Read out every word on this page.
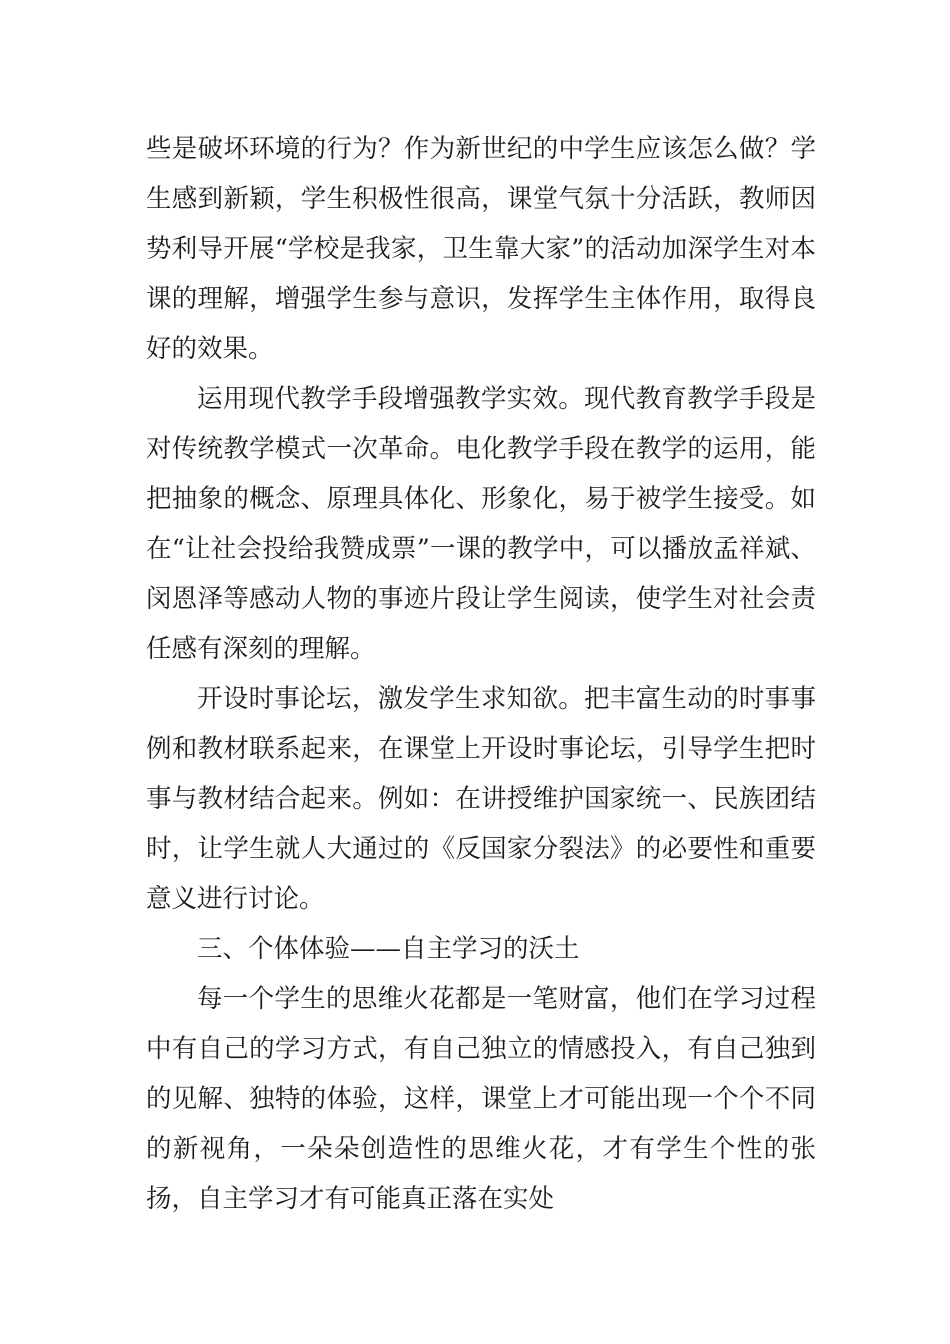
些是破坏环境的行为？作为新世纪的中学生应该怎么做？学生感到新颖，学生积极性很高，课堂气氛十分活跃，教师因势利导开展“学校是我家，卫生靠大家”的活动加深学生对本课的理解，增强学生参与意识，发挥学生主体作用，取得良好的效果。

运用现代教学手段增强教学实效。现代教育教学手段是对传统教学模式一次革命。电化教学手段在教学的运用，能把抽象的概念、原理具体化、形象化，易于被学生接受。如在“让社会投给我赞成票”一课的教学中，可以播放孟祥斌、闵恩泽等感动人物的事迹片段让学生阅读，使学生对社会责任感有深刻的理解。

开设时事论坛，激发学生求知欲。把丰富生动的时事事例和教材联系起来，在课堂上开设时事论坛，引导学生把时事与教材结合起来。例如：在讲授维护国家统一、民族团结时，让学生就人大通过的《反国家分裂法》的必要性和重要意义进行讨论。

三、个体体验——自主学习的沃土

每一个学生的思维火花都是一笔财富，他们在学习过程中有自己的学习方式，有自己独立的情感投入，有自己独到的见解、独特的体验，这样，课堂上才可能出现一个个不同的新视角，一朵朵创造性的思维火花，才有学生个性的张扬，自主学习才有可能真正落在实处
